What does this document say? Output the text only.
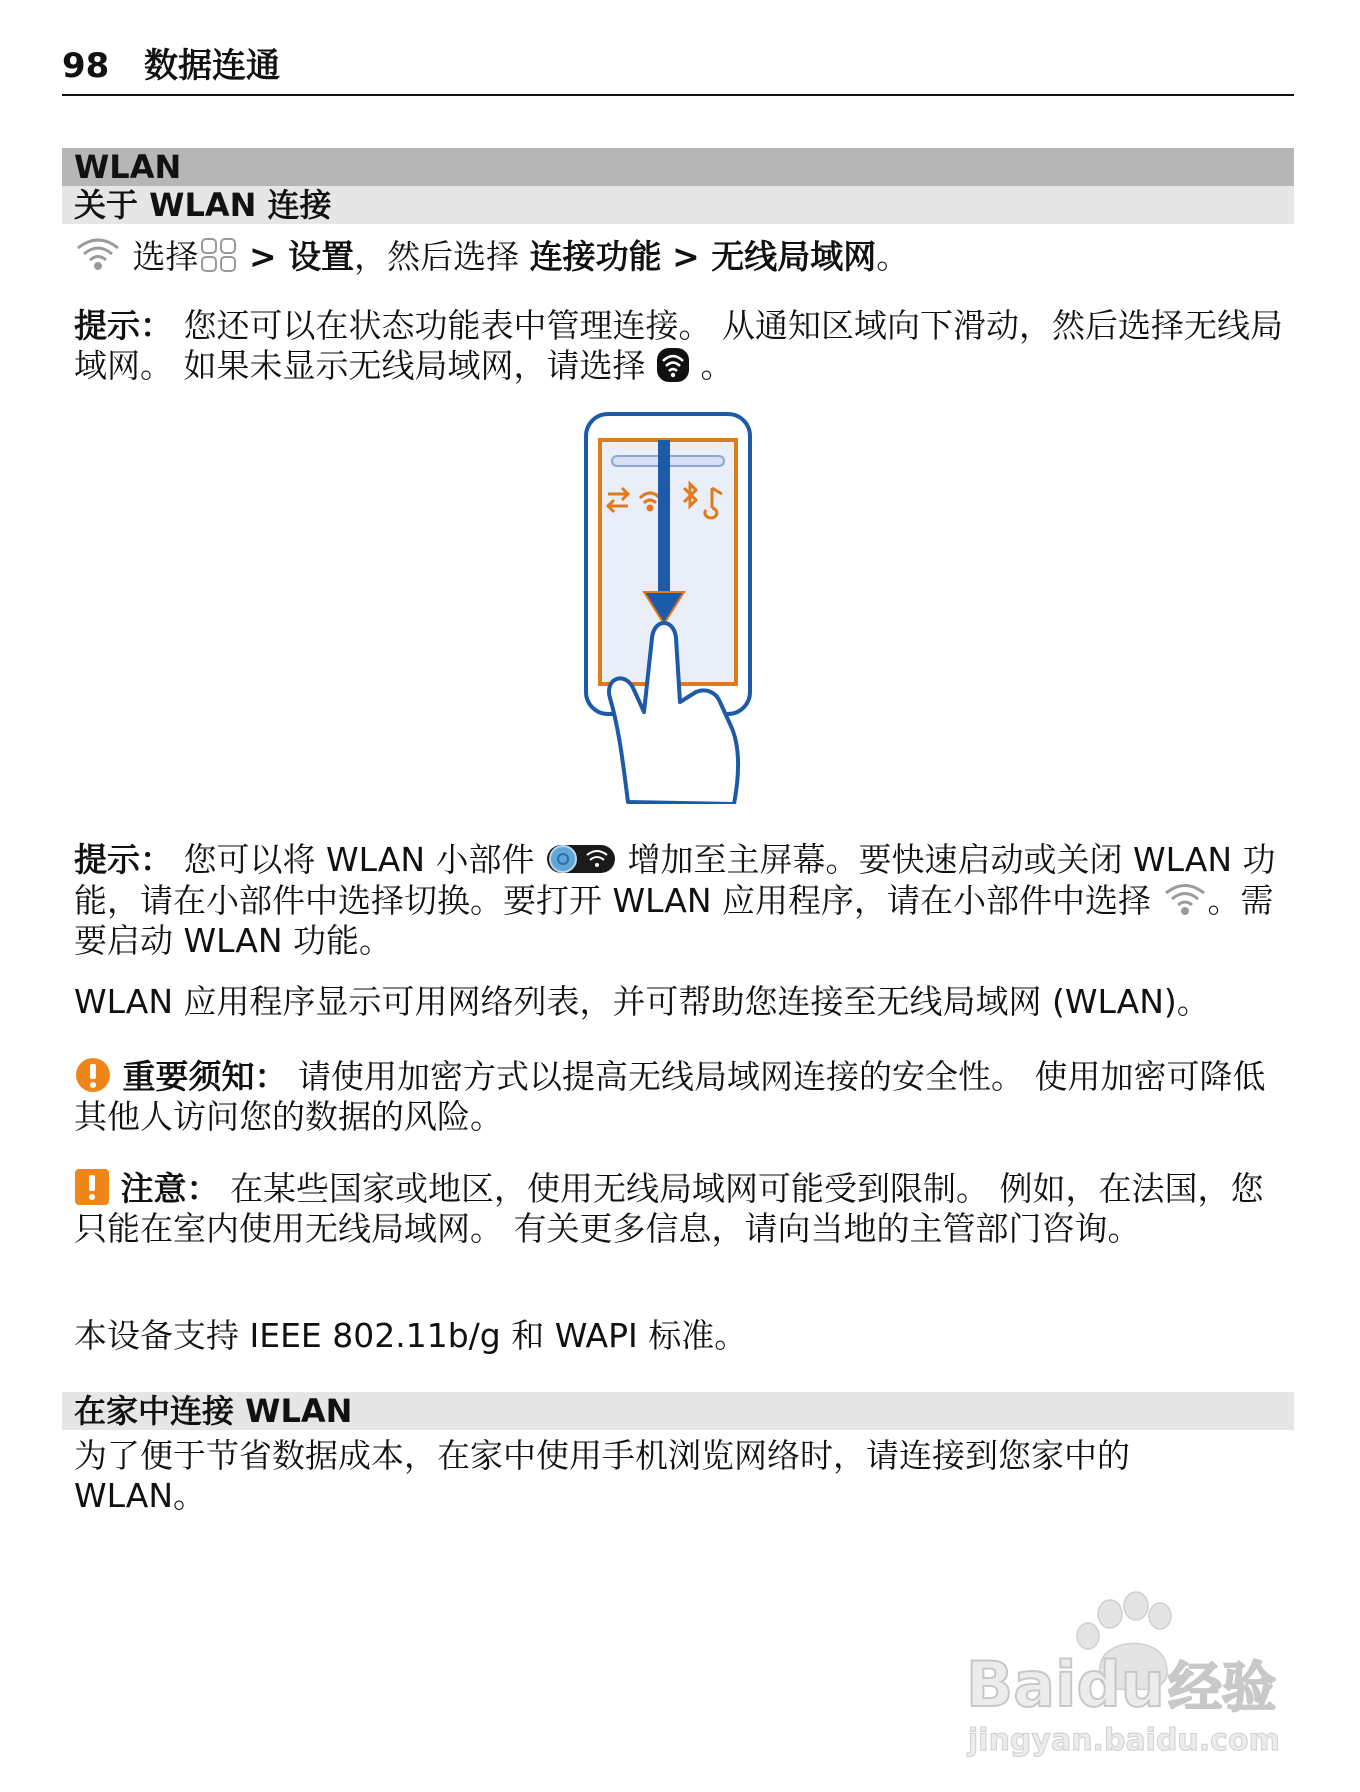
98 数据连通
WLAN
关于 WLAN 连接

选择 > 设置，然后选择 连接功能 > 无线局域网。

提示： 您还可以在状态功能表中管理连接。 从通知区域向下滑动，然后选择无线局域网。 如果未显示无线局域网，请选择 。

提示： 您可以将 WLAN 小部件	增加至主屏幕。要快速启动或关闭 WLAN 功能，请在小部件中选择切换。要打开 WLAN 应用程序，请在小部件中选择 。需要启动 WLAN 功能。

WLAN 应用程序显示可用网络列表，并可帮助您连接至无线局域网 (WLAN)。

重要须知： 请使用加密方式以提高无线局域网连接的安全性。 使用加密可降低其他人访问您的数据的风险。

注意： 在某些国家或地区，使用无线局域网可能受到限制。 例如，在法国，您只能在室内使用无线局域网。 有关更多信息，请向当地的主管部门咨询。

本设备支持 IEEE 802.11b/g 和 WAPI 标准。

在家中连接 WLAN

为了便于节省数据成本，在家中使用手机浏览网络时，请连接到您家中的 WLAN。

Baidu 经验
jingyan.baidu.com
